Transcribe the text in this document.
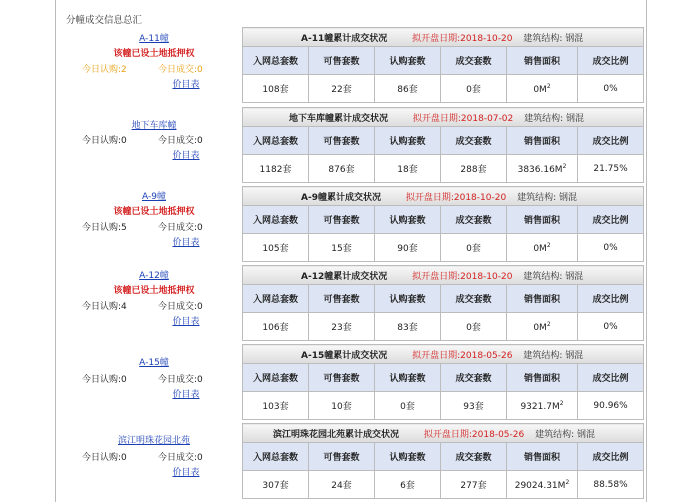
分幢成交信息总汇
A-11幢
该幢已设土地抵押权
今日认购:2	今日成交:0
价目表
地下车库幢
今日认购:0	今日成交:0
价目表
A-9幢
该幢已设土地抵押权
今日认购:5	今日成交:0
价目表
A-12幢
该幢已设土地抵押权
今日认购:4	今日成交:0
价目表
A-15幢
今日认购:0	今日成交:0
价目表
滨江明珠花园北苑
今日认购:0	今日成交:0
价目表
A-11幢累计成交状况 拟开盘日期:2018-10-20 建筑结构: 钢混					
入网总套数	可售套数	认购套数	成交套数	销售面积	成交比例
108套	22套	86套	0套	$0M^2$	0%
地下车库幢累计成交状况 拟开盘日期:2018-07-02 建筑结构: 钢混					
入网总套数	可售套数	认购套数	成交套数	销售面积	成交比例
1182套	876套	18套	288套	$3836.16M^2$	21.75%
A-9幢累计成交状况 拟开盘日期:2018-10-20 建筑结构: 钢混					
入网总套数	可售套数	认购套数	成交套数	销售面积	成交比例
105套	15套	90套	0套	$0M^2$	0%
A-12幢累计成交状况 拟开盘日期:2018-10-20 建筑结构: 钢混					
入网总套数	可售套数	认购套数	成交套数	销售面积	成交比例
106套	23套	83套	0套	$0M^2$	0%
A-15幢累计成交状况 拟开盘日期:2018-05-26 建筑结构: 钢混					
入网总套数	可售套数	认购套数	成交套数	销售面积	成交比例
103套	10套	0套	93套	$9321.7M^2$	90.96%
滨江明珠花园北苑累计成交状况 拟开盘日期:2018-05-26 建筑结构: 钢混					
入网总套数	可售套数	认购套数	成交套数	销售面积	成交比例
307套	24套	6套	277套	$29024.31M^2$	88.58%
